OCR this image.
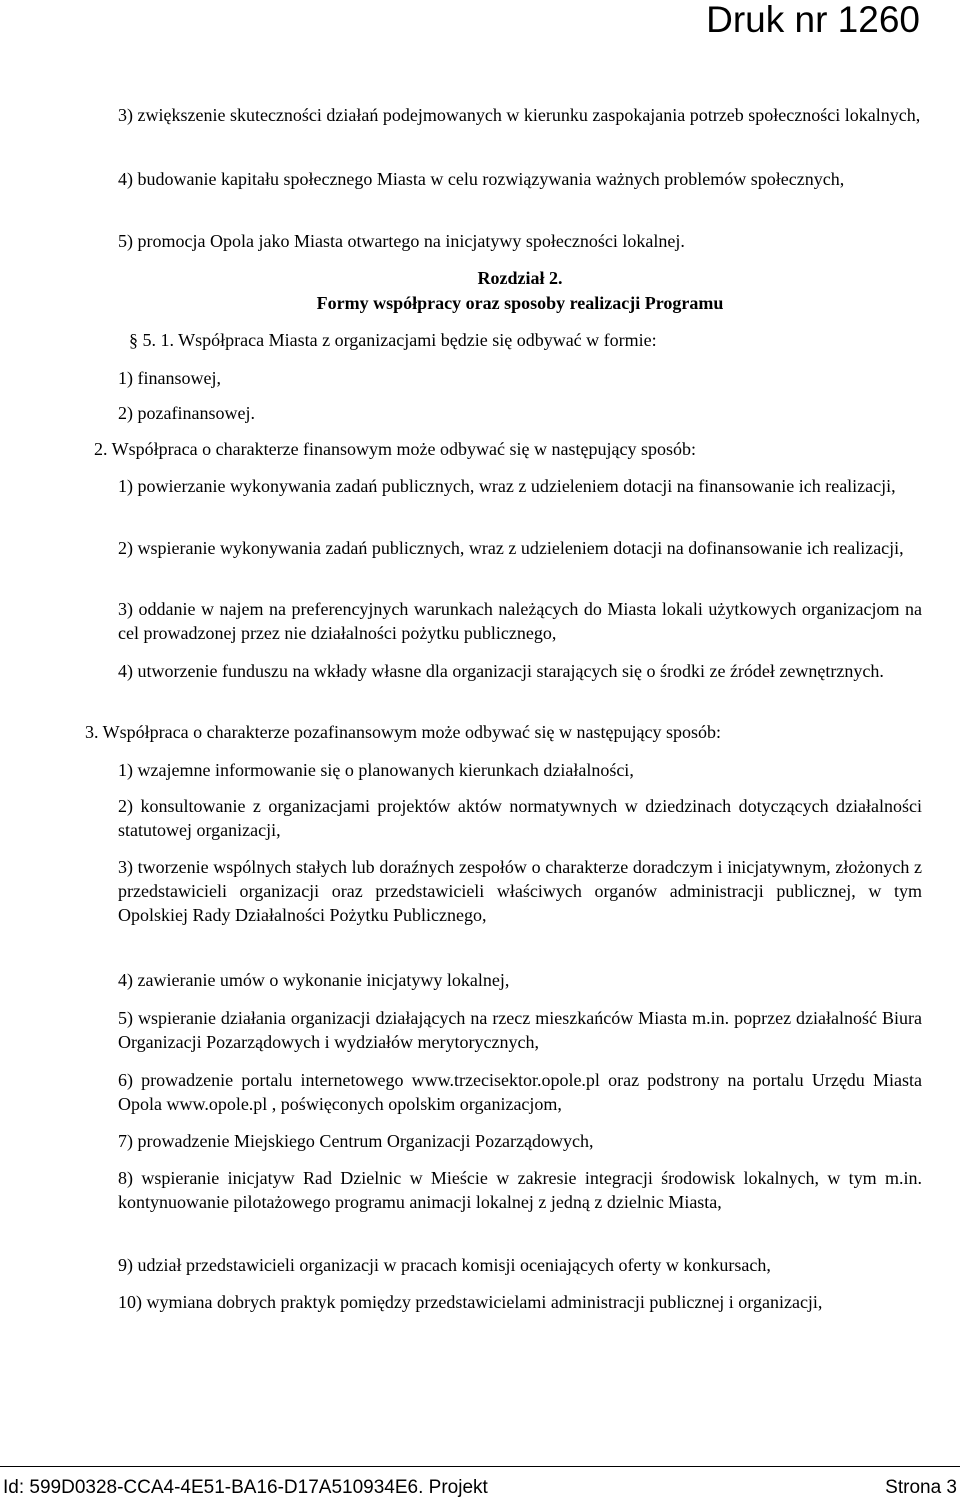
Druk nr 1260

3) zwiększenie skuteczności działań podejmowanych w kierunku zaspokajania potrzeb społeczności lokalnych,

4) budowanie kapitału społecznego Miasta w celu rozwiązywania ważnych problemów społecznych,

5) promocja Opola jako Miasta otwartego na inicjatywy społeczności lokalnej.

Rozdział 2.

Formy współpracy oraz sposoby realizacji Programu

§ 5. 1. Współpraca Miasta z organizacjami będzie się odbywać w formie:

1) finansowej,

2) pozafinansowej.

2. Współpraca o charakterze finansowym może odbywać się w następujący sposób:

1) powierzanie wykonywania zadań publicznych, wraz z udzieleniem dotacji na finansowanie ich realizacji,

2) wspieranie wykonywania zadań publicznych, wraz z udzieleniem dotacji na dofinansowanie ich realizacji,

3) oddanie w najem na preferencyjnych warunkach należących do Miasta lokali użytkowych organizacjom na cel prowadzonej przez nie działalności pożytku publicznego,

4) utworzenie funduszu na wkłady własne dla organizacji starających się o środki ze źródeł zewnętrznych.

3. Współpraca o charakterze pozafinansowym może odbywać się w następujący sposób:

1) wzajemne informowanie się o planowanych kierunkach działalności,

2) konsultowanie z organizacjami projektów aktów normatywnych w dziedzinach dotyczących działalności statutowej organizacji,

3) tworzenie wspólnych stałych lub doraźnych zespołów o charakterze doradczym i inicjatywnym, złożonych z przedstawicieli organizacji oraz przedstawicieli właściwych organów administracji publicznej, w tym Opolskiej Rady Działalności Pożytku Publicznego,

4) zawieranie umów o wykonanie inicjatywy lokalnej,

5) wspieranie działania organizacji działających na rzecz mieszkańców Miasta m.in. poprzez działalność Biura Organizacji Pozarządowych i wydziałów merytorycznych,

6) prowadzenie portalu internetowego www.trzecisektor.opole.pl oraz podstrony na portalu Urzędu Miasta Opola www.opole.pl , poświęconych opolskim organizacjom,

7) prowadzenie Miejskiego Centrum Organizacji Pozarządowych,

8) wspieranie inicjatyw Rad Dzielnic w Mieście w zakresie integracji środowisk lokalnych, w tym m.in. kontynuowanie pilotażowego programu animacji lokalnej z jedną z dzielnic Miasta,

9) udział przedstawicieli organizacji w pracach komisji oceniających oferty w konkursach,

10) wymiana dobrych praktyk pomiędzy przedstawicielami administracji publicznej i organizacji,

Id: 599D0328-CCA4-4E51-BA16-D17A510934E6. Projekt	Strona 3
